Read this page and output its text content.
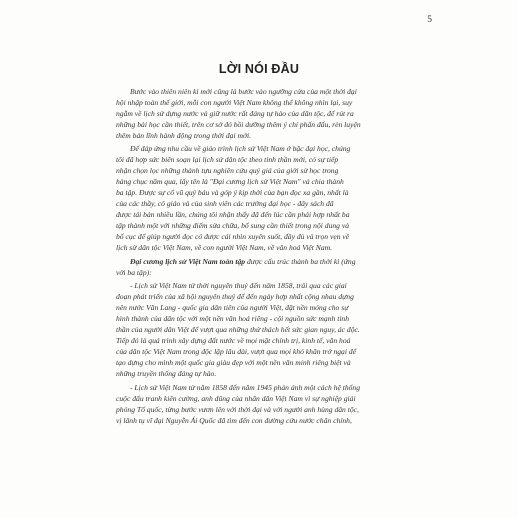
5
LỜI NÓI ĐẦU
Bước vào thiên niên kỉ mới cũng là bước vào ngưỡng cửa của một thời đại
hội nhập toàn thế giới, mỗi con người Việt Nam không thể không nhìn lại, suy
ngẫm về lịch sử dựng nước và giữ nước rất đáng tự hào của dân tộc, để rút ra
những bài học cần thiết, trên cơ sở đó bồi dưỡng thêm ý chí phấn đấu, rèn luyện
thêm bản lĩnh hành động trong thời đại mới.
Để đáp ứng nhu cầu về giáo trình lịch sử Việt Nam ở bậc đại học, chúng
tôi đã hợp sức biên soạn lại lịch sử dân tộc theo tinh thần mới, có sự tiếp
nhận chọn lọc những thành tựu nghiên cứu quý giá của giới sử học trong
hàng chục năm qua, lấy tên là "Đại cương lịch sử Việt Nam" và chia thành
ba tập. Được sự cổ vũ quý báu và góp ý kịp thời của bạn đọc xa gần, nhất là
của các thầy, cô giáo và của sinh viên các trường đại học - đây sách đã
được tái bản nhiều lần, chúng tôi nhận thấy đã đến lúc cần phải hợp nhất ba
tập thành một với những điểm sửa chữa, bổ sung cần thiết trong nội dung và
bố cục để giúp người đọc có được cái nhìn xuyên suốt, đầy đủ và trọn vẹn về
lịch sử dân tộc Việt Nam, về con người Việt Nam, về văn hoá Việt Nam.
Đại cương lịch sử Việt Nam toàn tập được cấu trúc thành ba thời kì (ứng
với ba tập):
- Lịch sử Việt Nam từ thời nguyên thuỷ đến năm 1858, trải qua các giai
đoạn phát triển của xã hội nguyên thuỷ để đến ngày hợp nhất cộng nhau dựng
nên nước Văn Lang - quốc gia dân tiên của người Việt, đặt nền móng cho sự
hình thành của dân tộc với một nền văn hoá riêng - cội nguồn sức mạnh tinh
thần của người dân Việt để vượt qua những thử thách hết sức gian nguy, ác độc.
Tiếp đó là quá trình xây dựng đất nước về mọi mặt chính trị, kinh tế, văn hoá
của dân tộc Việt Nam trong độc lập lâu dài, vượt qua mọi khó khăn trở ngại để
tạo dựng cho mình một quốc gia giàu đẹp với một nền văn minh riêng biệt và
những truyền thống đáng tự hào.
- Lịch sử Việt Nam từ năm 1858 đến năm 1945 phản ánh một cách hệ thống
cuộc đấu tranh kiên cường, anh dũng của nhân dân Việt Nam vì sự nghiệp giải
phóng Tổ quốc, từng bước vươn lên với thời đại và với người anh hùng dân tộc,
vị lãnh tụ vĩ đại Nguyễn Ái Quốc đã tìm đến con đường cứu nước chân chính,
